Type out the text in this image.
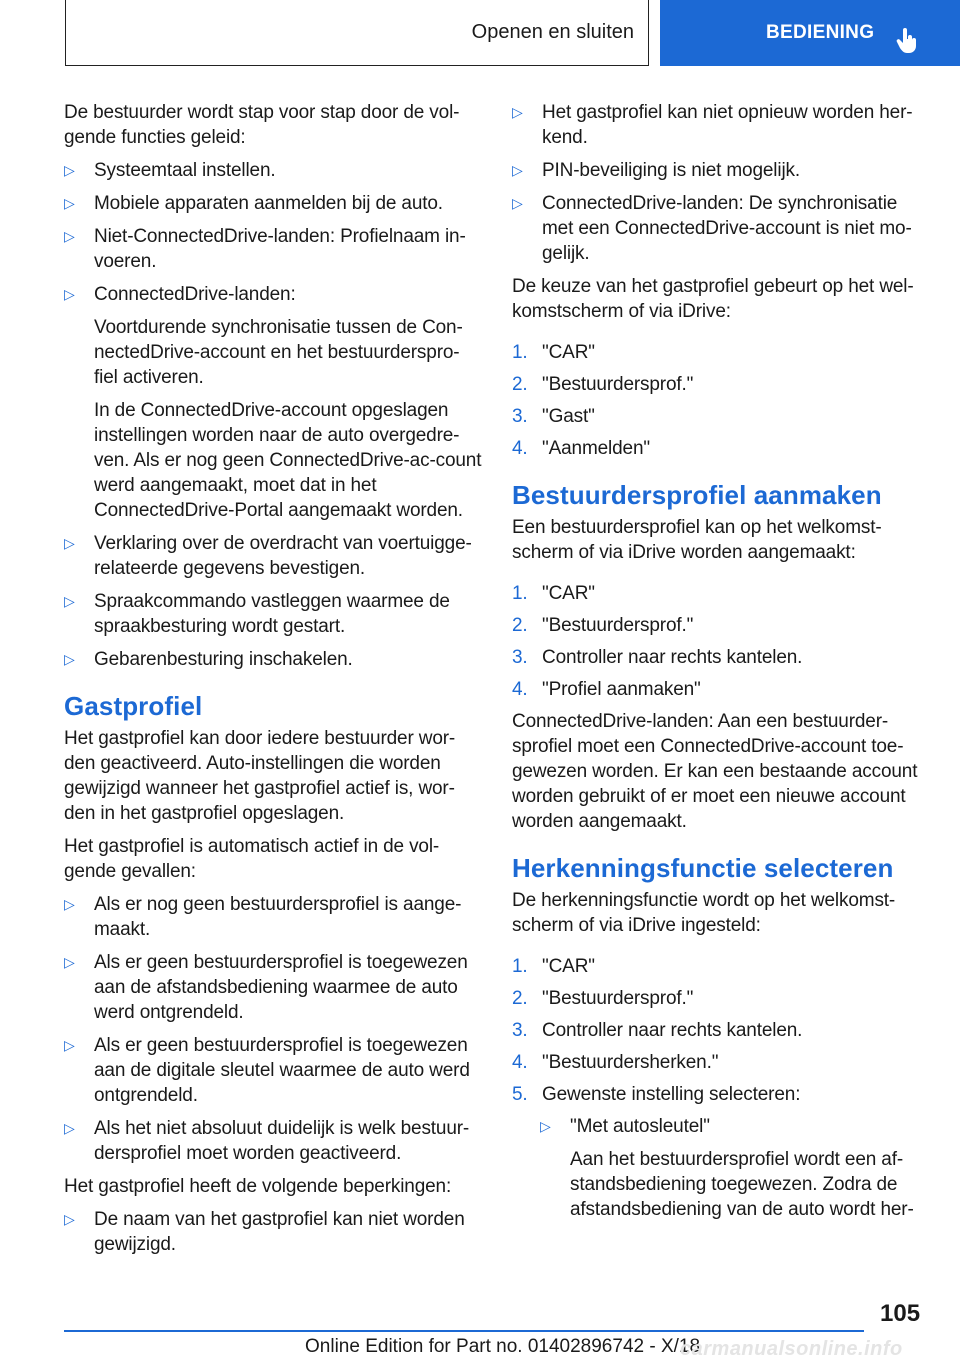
Openen en sluiten	BEDIENING

De bestuurder wordt stap voor stap door de vol-gende functies geleid:

▷ Systeemtaal instellen.
▷ Mobiele apparaten aanmelden bij de auto.
▷ Niet-ConnectedDrive-landen: Profielnaam in-voeren.
▷ ConnectedDrive-landen:

Voortdurende synchronisatie tussen de Con-nectedDrive-account en het bestuurderspro-fiel activeren.

In de ConnectedDrive-account opgeslagen instellingen worden naar de auto overgedre-ven. Als er nog geen ConnectedDrive-ac-count werd aangemaakt, moet dat in het ConnectedDrive-Portal aangemaakt worden.

▷ Verklaring over de overdracht van voertuigge-relateerde gegevens bevestigen.
▷ Spraakcommando vastleggen waarmee de spraakbesturing wordt gestart.
▷ Gebarenbesturing inschakelen.
Gastprofiel

Het gastprofiel kan door iedere bestuurder wor-den geactiveerd. Auto-instellingen die worden gewijzigd wanneer het gastprofiel actief is, wor-den in het gastprofiel opgeslagen.

Het gastprofiel is automatisch actief in de vol-gende gevallen:

▷ Als er nog geen bestuurdersprofiel is aange-maakt.
▷ Als er geen bestuurdersprofiel is toegewezen aan de afstandsbediening waarmee de auto werd ontgrendeld.
▷ Als er geen bestuurdersprofiel is toegewezen aan de digitale sleutel waarmee de auto werd ontgrendeld.
▷ Als het niet absoluut duidelijk is welk bestuur-dersprofiel moet worden geactiveerd.

Het gastprofiel heeft de volgende beperkingen:

▷ De naam van het gastprofiel kan niet worden gewijzigd.
▷ Het gastprofiel kan niet opnieuw worden her-kend.
▷ PIN-beveiliging is niet mogelijk.
▷ ConnectedDrive-landen: De synchronisatie met een ConnectedDrive-account is niet mo-gelijk.

De keuze van het gastprofiel gebeurt op het wel-komstscherm of via iDrive:

1. "CAR"
2. "Bestuurdersprof."
3. "Gast"
4. "Aanmelden"
Bestuurdersprofiel aanmaken

Een bestuurdersprofiel kan op het welkomst-scherm of via iDrive worden aangemaakt:

1. "CAR"
2. "Bestuurdersprof."
3. Controller naar rechts kantelen.
4. "Profiel aanmaken"

ConnectedDrive-landen: Aan een bestuurder-sprofiel moet een ConnectedDrive-account toe-gewezen worden. Er kan een bestaande account worden gebruikt of er moet een nieuwe account worden aangemaakt.

Herkenningsfunctie selecteren

De herkenningsfunctie wordt op het welkomst-scherm of via iDrive ingesteld:

1. "CAR"
2. "Bestuurdersprof."
3. Controller naar rechts kantelen.
4. "Bestuurdersherken."
5. Gewenste instelling selecteren:
▷ "Met autosleutel"

Aan het bestuurdersprofiel wordt een af-standsbediening toegewezen. Zodra de afstandsbediening van de auto wordt her-

105
Online Edition for Part no. 01402896742 - X/18
carmanualsonline.info
